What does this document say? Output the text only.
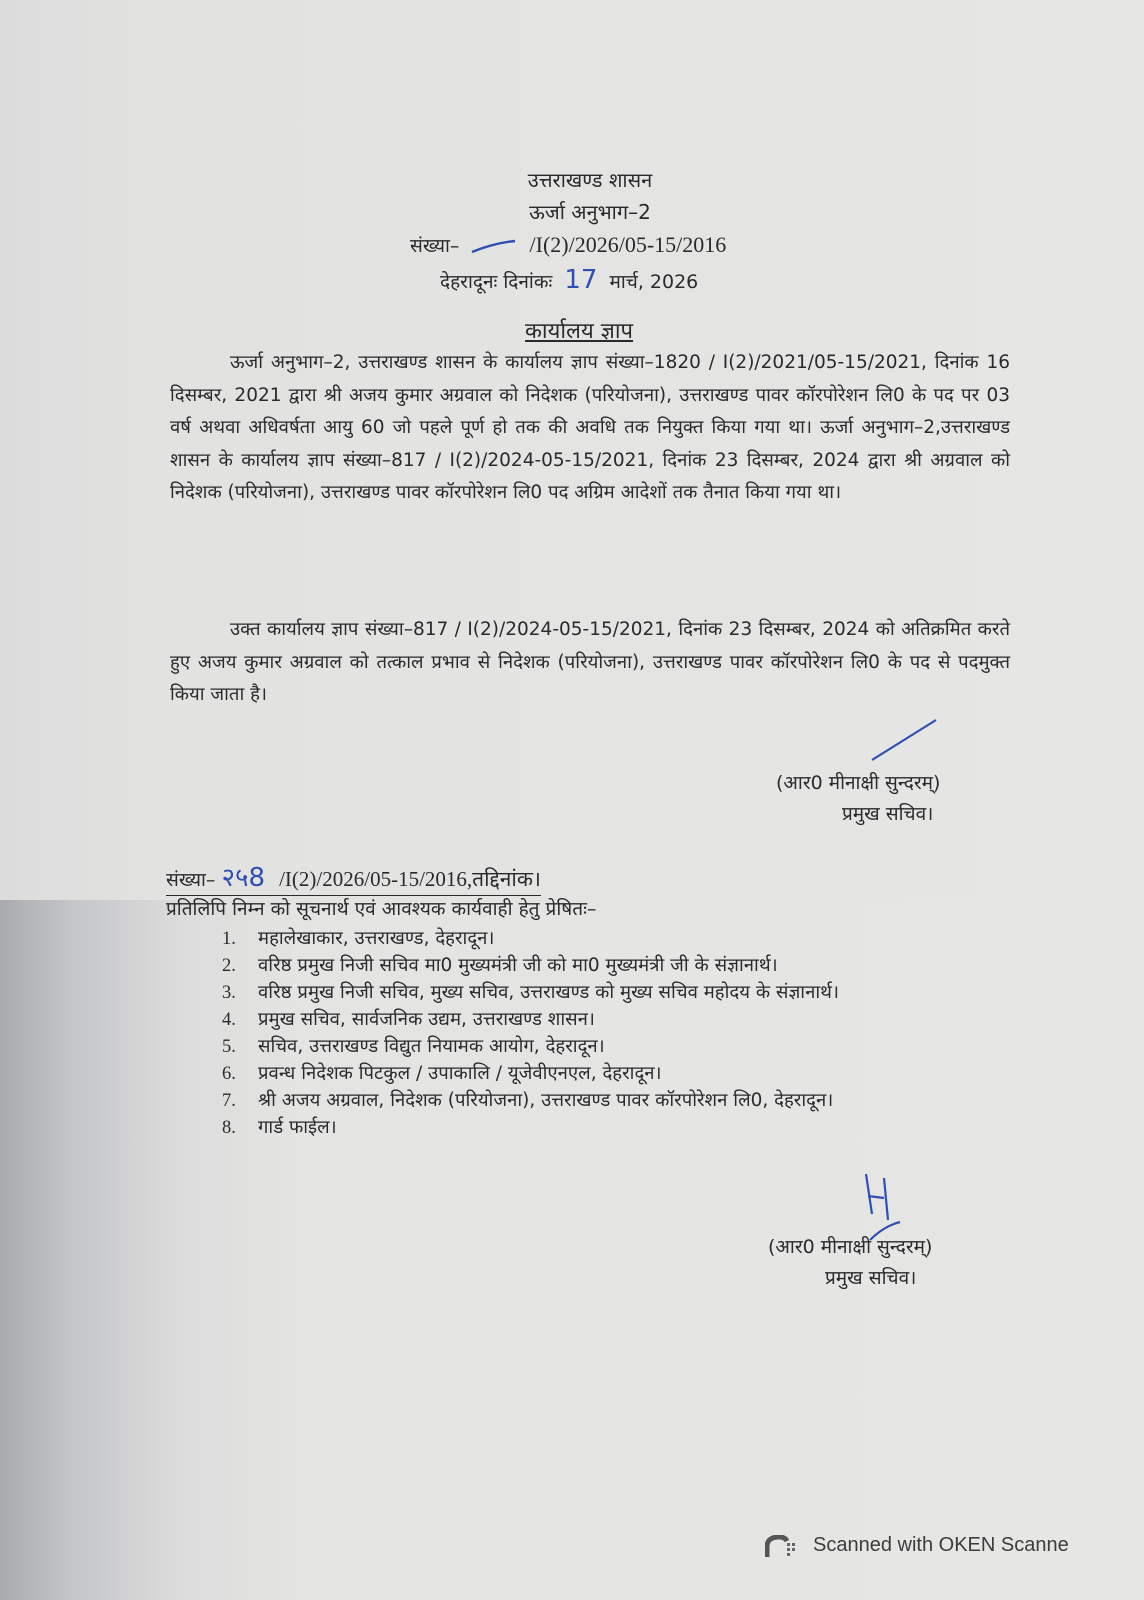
उत्तराखण्ड शासन
ऊर्जा अनुभाग–2
संख्या–	/I(2)/2026/05-15/2016
देहरादूनः दिनांकः 17 मार्च, 2026
कार्यालय ज्ञाप
ऊर्जा अनुभाग–2, उत्तराखण्ड शासन के कार्यालय ज्ञाप संख्या–1820 / I(2)/2021/05-15/2021, दिनांक 16 दिसम्बर, 2021 द्वारा श्री अजय कुमार अग्रवाल को निदेशक (परियोजना), उत्तराखण्ड पावर कॉरपोरेशन लि0 के पद पर 03 वर्ष अथवा अधिवर्षता आयु 60 जो पहले पूर्ण हो तक की अवधि तक नियुक्त किया गया था। ऊर्जा अनुभाग–2,उत्तराखण्ड शासन के कार्यालय ज्ञाप संख्या–817 / I(2)/2024-05-15/2021, दिनांक 23 दिसम्बर, 2024 द्वारा श्री अग्रवाल को निदेशक (परियोजना), उत्तराखण्ड पावर कॉरपोरेशन लि0 पद अग्रिम आदेशों तक तैनात किया गया था।
उक्त कार्यालय ज्ञाप संख्या–817 / I(2)/2024-05-15/2021, दिनांक 23 दिसम्बर, 2024 को अतिक्रमित करते हुए अजय कुमार अग्रवाल को तत्काल प्रभाव से निदेशक (परियोजना), उत्तराखण्ड पावर कॉरपोरेशन लि0 के पद से पदमुक्त किया जाता है।
(आर0 मीनाक्षी सुन्दरम्)
प्रमुख सचिव।
संख्या– २५8 /I(2)/2026/05-15/2016,तद्दिनांक।
प्रतिलिपि निम्न को सूचनार्थ एवं आवश्यक कार्यवाही हेतु प्रेषितः–
1.	महालेखाकार, उत्तराखण्ड, देहरादून।
2.	वरिष्ठ प्रमुख निजी सचिव मा0 मुख्यमंत्री जी को मा0 मुख्यमंत्री जी के संज्ञानार्थ।
3.	वरिष्ठ प्रमुख निजी सचिव, मुख्य सचिव, उत्तराखण्ड को मुख्य सचिव महोदय के संज्ञानार्थ।
4.	प्रमुख सचिव, सार्वजनिक उद्यम, उत्तराखण्ड शासन।
5.	सचिव, उत्तराखण्ड विद्युत नियामक आयोग, देहरादून।
6.	प्रवन्ध निदेशक पिटकुल / उपाकालि / यूजेवीएनएल, देहरादून।
7.	श्री अजय अग्रवाल, निदेशक (परियोजना), उत्तराखण्ड पावर कॉरपोरेशन लि0, देहरादून।
8.	गार्ड फाईल।
(आर0 मीनाक्षी सुन्दरम्)
प्रमुख सचिव।
Scanned with OKEN Scanne
